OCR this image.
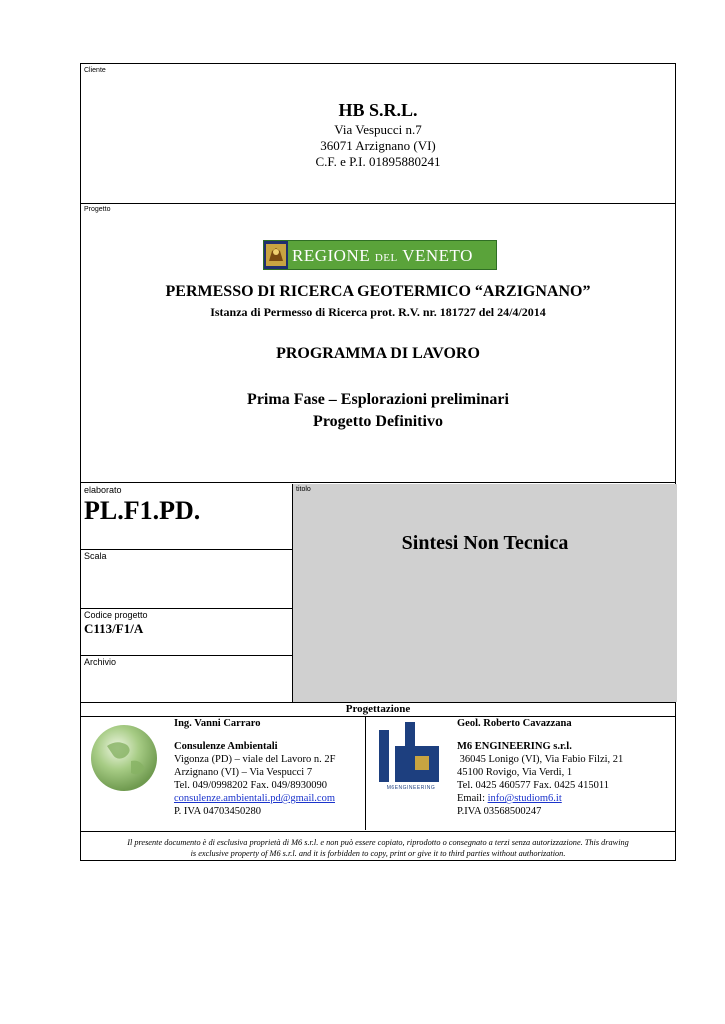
Cliente
HB S.R.L.
Via Vespucci n.7
36071 Arzignano (VI)
C.F. e P.I. 01895880241
Progetto
REGIONE DEL VENETO
PERMESSO DI RICERCA GEOTERMICO “ARZIGNANO”
Istanza di Permesso di Ricerca prot. R.V. nr. 181727 del 24/4/2014
PROGRAMMA DI LAVORO
Prima Fase – Esplorazioni preliminari
Progetto Definitivo
elaborato
PL.F1.PD.
Scala
Codice progetto
C113/F1/A
Archivio
titolo
Sintesi Non Tecnica
Progettazione
Ing. Vanni Carraro
Consulenze Ambientali
Vigonza (PD) – viale del Lavoro n. 2F
Arzignano (VI) – Via Vespucci 7
Tel. 049/0998202 Fax. 049/8930090
consulenze.ambientali.pd@gmail.com
P. IVA 04703450280
M6ENGINEERING
Geol. Roberto Cavazzana
M6 ENGINEERING s.r.l.
36045 Lonigo (VI), Via Fabio Filzi, 21
45100 Rovigo, Via Verdi, 1
Tel. 0425 460577 Fax. 0425 415011
Email: info@studiom6.it
P.IVA 03568500247
Il presente documento è di esclusiva proprietà di M6 s.r.l. e non può essere copiato, riprodotto o consegnato a terzi senza autorizzazione. This drawing
is exclusive property of M6 s.r.l. and it is forbidden to copy, print or give it to third parties without authorization.
